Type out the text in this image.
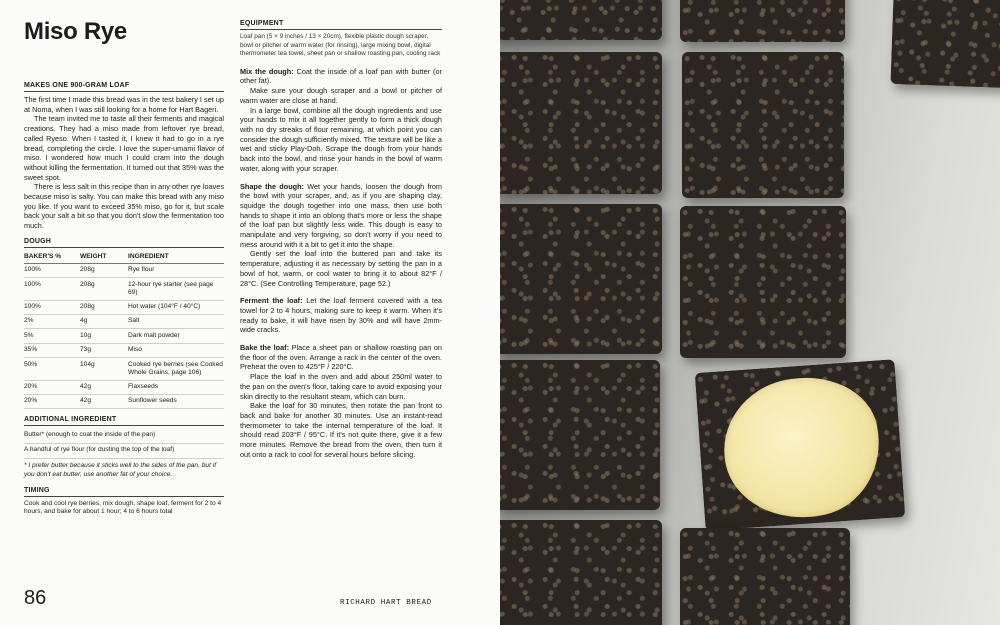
Miso Rye
MAKES ONE 900-GRAM LOAF

The first time I made this bread was in the test bakery I set up at Noma, when I was still looking for a home for Hart Bageri.

The team invited me to taste all their ferments and magical creations. They had a miso made from leftover rye bread, called Ryeso. When I tasted it, I knew it had to go in a rye bread, completing the circle. I love the super-umami flavor of miso. I wondered how much I could cram into the dough without killing the fermentation. It turned out that 35% was the sweet spot.

There is less salt in this recipe than in any other rye loaves because miso is salty. You can make this bread with any miso you like. If you want to exceed 35% miso, go for it, but scale back your salt a bit so that you don't slow the fermentation too much.

DOUGH
BAKER'S %	WEIGHT	INGREDIENT
100%	208g	Rye flour
100%	208g	12-hour rye starter (see page 69)
100%	208g	Hot water (104°F / 40°C)
2%	4g	Salt
5%	10g	Dark malt powder
35%	73g	Miso
50%	104g	Cooked rye berries (see Cooked Whole Grains, page 106)
20%	42g	Flaxseeds
20%	42g	Sunflower seeds
ADDITIONAL INGREDIENT
Butter* (enough to coat the inside of the pan)
A handful of rye flour (for dusting the top of the loaf)
* I prefer butter because it sticks well to the sides of the pan, but if you don't eat butter, use another fat of your choice.
TIMING
Cook and cool rye berries, mix dough, shape loaf, ferment for 2 to 4 hours, and bake for about 1 hour; 4 to 6 hours total
EQUIPMENT
Loaf pan (5 × 9 inches / 13 × 20cm), flexible plastic dough scraper, bowl or pitcher of warm water (for rinsing), large mixing bowl, digital thermometer tea towel, sheet pan or shallow roasting pan, cooling rack

Mix the dough: Coat the inside of a loaf pan with butter (or other fat).

Make sure your dough scraper and a bowl or pitcher of warm water are close at hand.

In a large bowl, combine all the dough ingredients and use your hands to mix it all together gently to form a thick dough with no dry streaks of flour remaining, at which point you can consider the dough sufficiently mixed. The texture will be like a wet and sticky Play-Doh. Scrape the dough from your hands back into the bowl, and rinse your hands in the bowl of warm water, along with your scraper.

Shape the dough: Wet your hands, loosen the dough from the bowl with your scraper, and, as if you are shaping clay, squidge the dough together into one mass, then use both hands to shape it into an oblong that's more or less the shape of the loaf pan but slightly less wide. This dough is easy to manipulate and very forgiving, so don't worry if you need to mess around with it a bit to get it into the shape.

Gently set the loaf into the buttered pan and take its temperature, adjusting it as necessary by setting the pan in a bowl of hot, warm, or cool water to bring it to about 82°F / 28°C. (See Controlling Temperature, page 52.)

Ferment the loaf: Let the loaf ferment covered with a tea towel for 2 to 4 hours, making sure to keep it warm. When it's ready to bake, it will have risen by 30% and will have 2mm-wide cracks.

Bake the loaf: Place a sheet pan or shallow roasting pan on the floor of the oven. Arrange a rack in the center of the oven. Preheat the oven to 425°F / 220°C.

Place the loaf in the oven and add about 250ml water to the pan on the oven's floor, taking care to avoid exposing your skin directly to the resultant steam, which can burn.

Bake the loaf for 30 minutes, then rotate the pan front to back and bake for another 30 minutes. Use an instant-read thermometer to take the internal temperature of the loaf. It should read 203°F / 95°C. If it's not quite there, give it a few more minutes. Remove the bread from the oven, then turn it out onto a rack to cool for several hours before slicing.

86	RICHARD HART BREAD
